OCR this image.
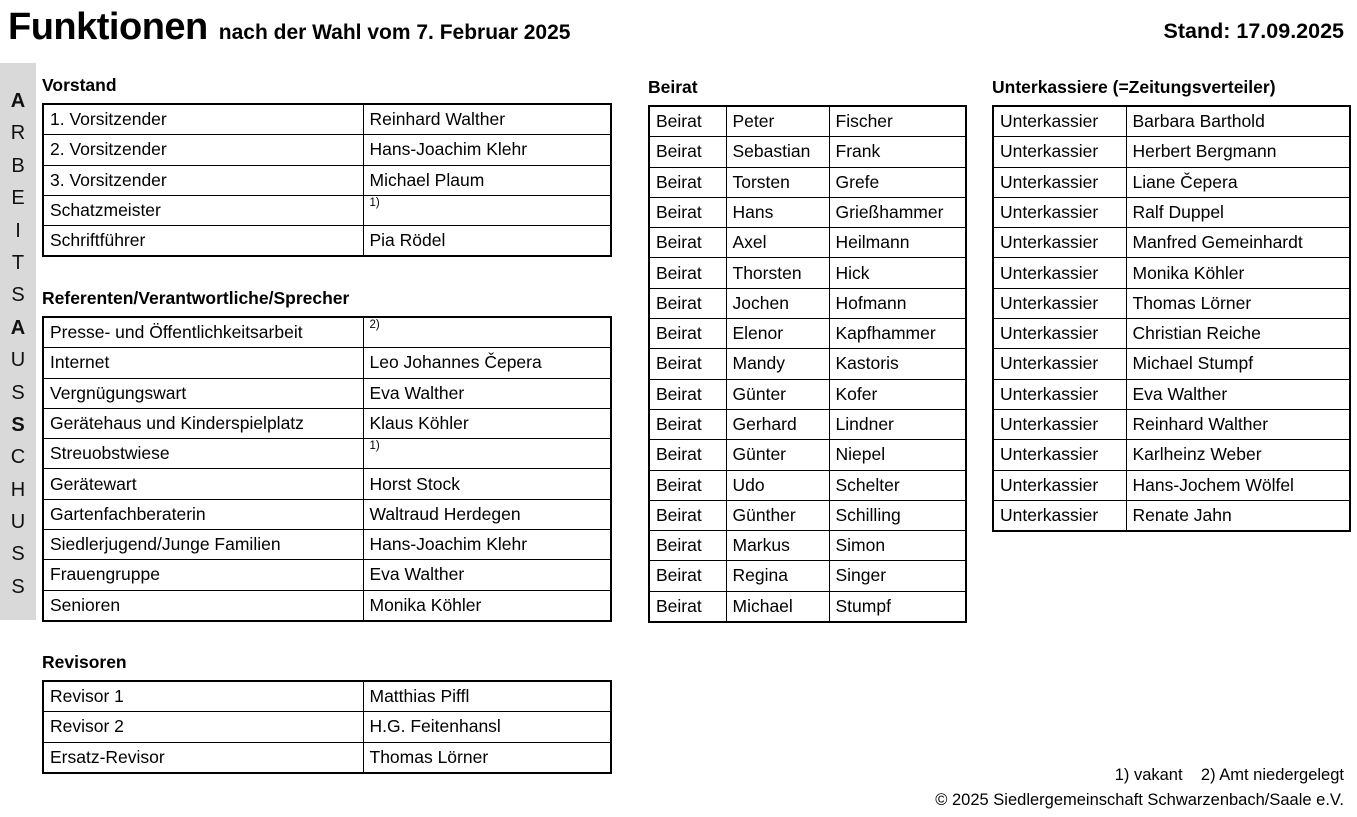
Funktionen nach der Wahl vom 7. Februar 2025	Stand: 17.09.2025
A
R
B
E
I
T
S
A
U
S
S
C
H
U
S
S
Vorstand
1. Vorsitzender	Reinhard Walther
2. Vorsitzender	Hans-Joachim Klehr
3. Vorsitzender	Michael Plaum
Schatzmeister	$^{1)}$
Schriftführer	Pia Rödel
Referenten/Verantwortliche/Sprecher
Presse- und Öffentlichkeitsarbeit	$^{2)}$
Internet	Leo Johannes Čepera
Vergnügungswart	Eva Walther
Gerätehaus und Kinderspielplatz	Klaus Köhler
Streuobstwiese	$^{1)}$
Gerätewart	Horst Stock
Gartenfachberaterin	Waltraud Herdegen
Siedlerjugend/Junge Familien	Hans-Joachim Klehr
Frauengruppe	Eva Walther
Senioren	Monika Köhler
Revisoren
Revisor 1	Matthias Piffl
Revisor 2	H.G. Feitenhansl
Ersatz-Revisor	Thomas Lörner
Beirat
Beirat	Peter	Fischer
Beirat	Sebastian	Frank
Beirat	Torsten	Grefe
Beirat	Hans	Grießhammer
Beirat	Axel	Heilmann
Beirat	Thorsten	Hick
Beirat	Jochen	Hofmann
Beirat	Elenor	Kapfhammer
Beirat	Mandy	Kastoris
Beirat	Günter	Kofer
Beirat	Gerhard	Lindner
Beirat	Günter	Niepel
Beirat	Udo	Schelter
Beirat	Günther	Schilling
Beirat	Markus	Simon
Beirat	Regina	Singer
Beirat	Michael	Stumpf
Unterkassiere (=Zeitungsverteiler)
Unterkassier	Barbara Barthold
Unterkassier	Herbert Bergmann
Unterkassier	Liane Čepera
Unterkassier	Ralf Duppel
Unterkassier	Manfred Gemeinhardt
Unterkassier	Monika Köhler
Unterkassier	Thomas Lörner
Unterkassier	Christian Reiche
Unterkassier	Michael Stumpf
Unterkassier	Eva Walther
Unterkassier	Reinhard Walther
Unterkassier	Karlheinz Weber
Unterkassier	Hans-Jochem Wölfel
Unterkassier	Renate Jahn
1) vakant    2) Amt niedergelegt
© 2025 Siedlergemeinschaft Schwarzenbach/Saale e.V.
